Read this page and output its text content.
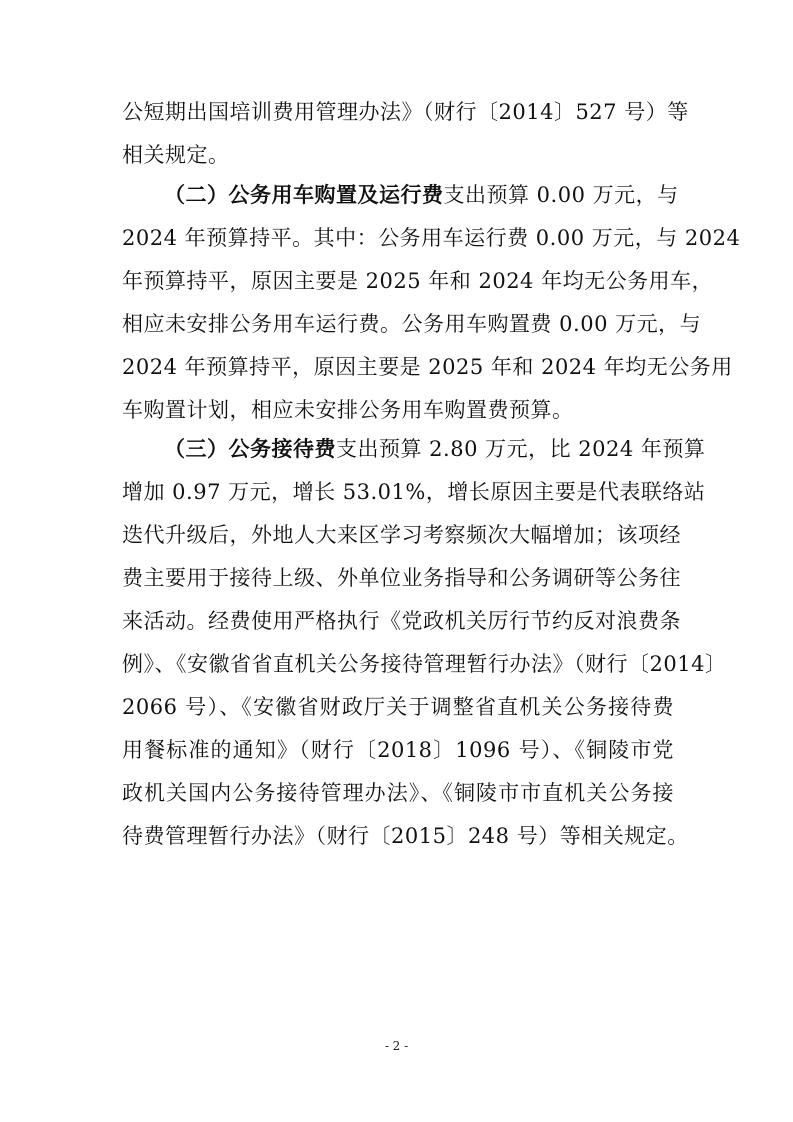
公短期出国培训费用管理办法》（财行〔2014〕527 号）等
相关规定。
（二）公务用车购置及运行费支出预算 0.00 万元，与
2024 年预算持平。其中：公务用车运行费 0.00 万元，与 2024
年预算持平，原因主要是 2025 年和 2024 年均无公务用车，
相应未安排公务用车运行费。公务用车购置费 0.00 万元，与
2024 年预算持平，原因主要是 2025 年和 2024 年均无公务用
车购置计划，相应未安排公务用车购置费预算。
（三）公务接待费支出预算 2.80 万元，比 2024 年预算
增加 0.97 万元，增长 53.01%，增长原因主要是代表联络站
迭代升级后，外地人大来区学习考察频次大幅增加；该项经
费主要用于接待上级、外单位业务指导和公务调研等公务往
来活动。经费使用严格执行《党政机关厉行节约反对浪费条
例》、《安徽省省直机关公务接待管理暂行办法》（财行〔2014〕
2066 号）、《安徽省财政厅关于调整省直机关公务接待费
用餐标准的通知》（财行〔2018〕1096 号）、《铜陵市党
政机关国内公务接待管理办法》、《铜陵市市直机关公务接
待费管理暂行办法》（财行〔2015〕248 号）等相关规定。
- 2 -
